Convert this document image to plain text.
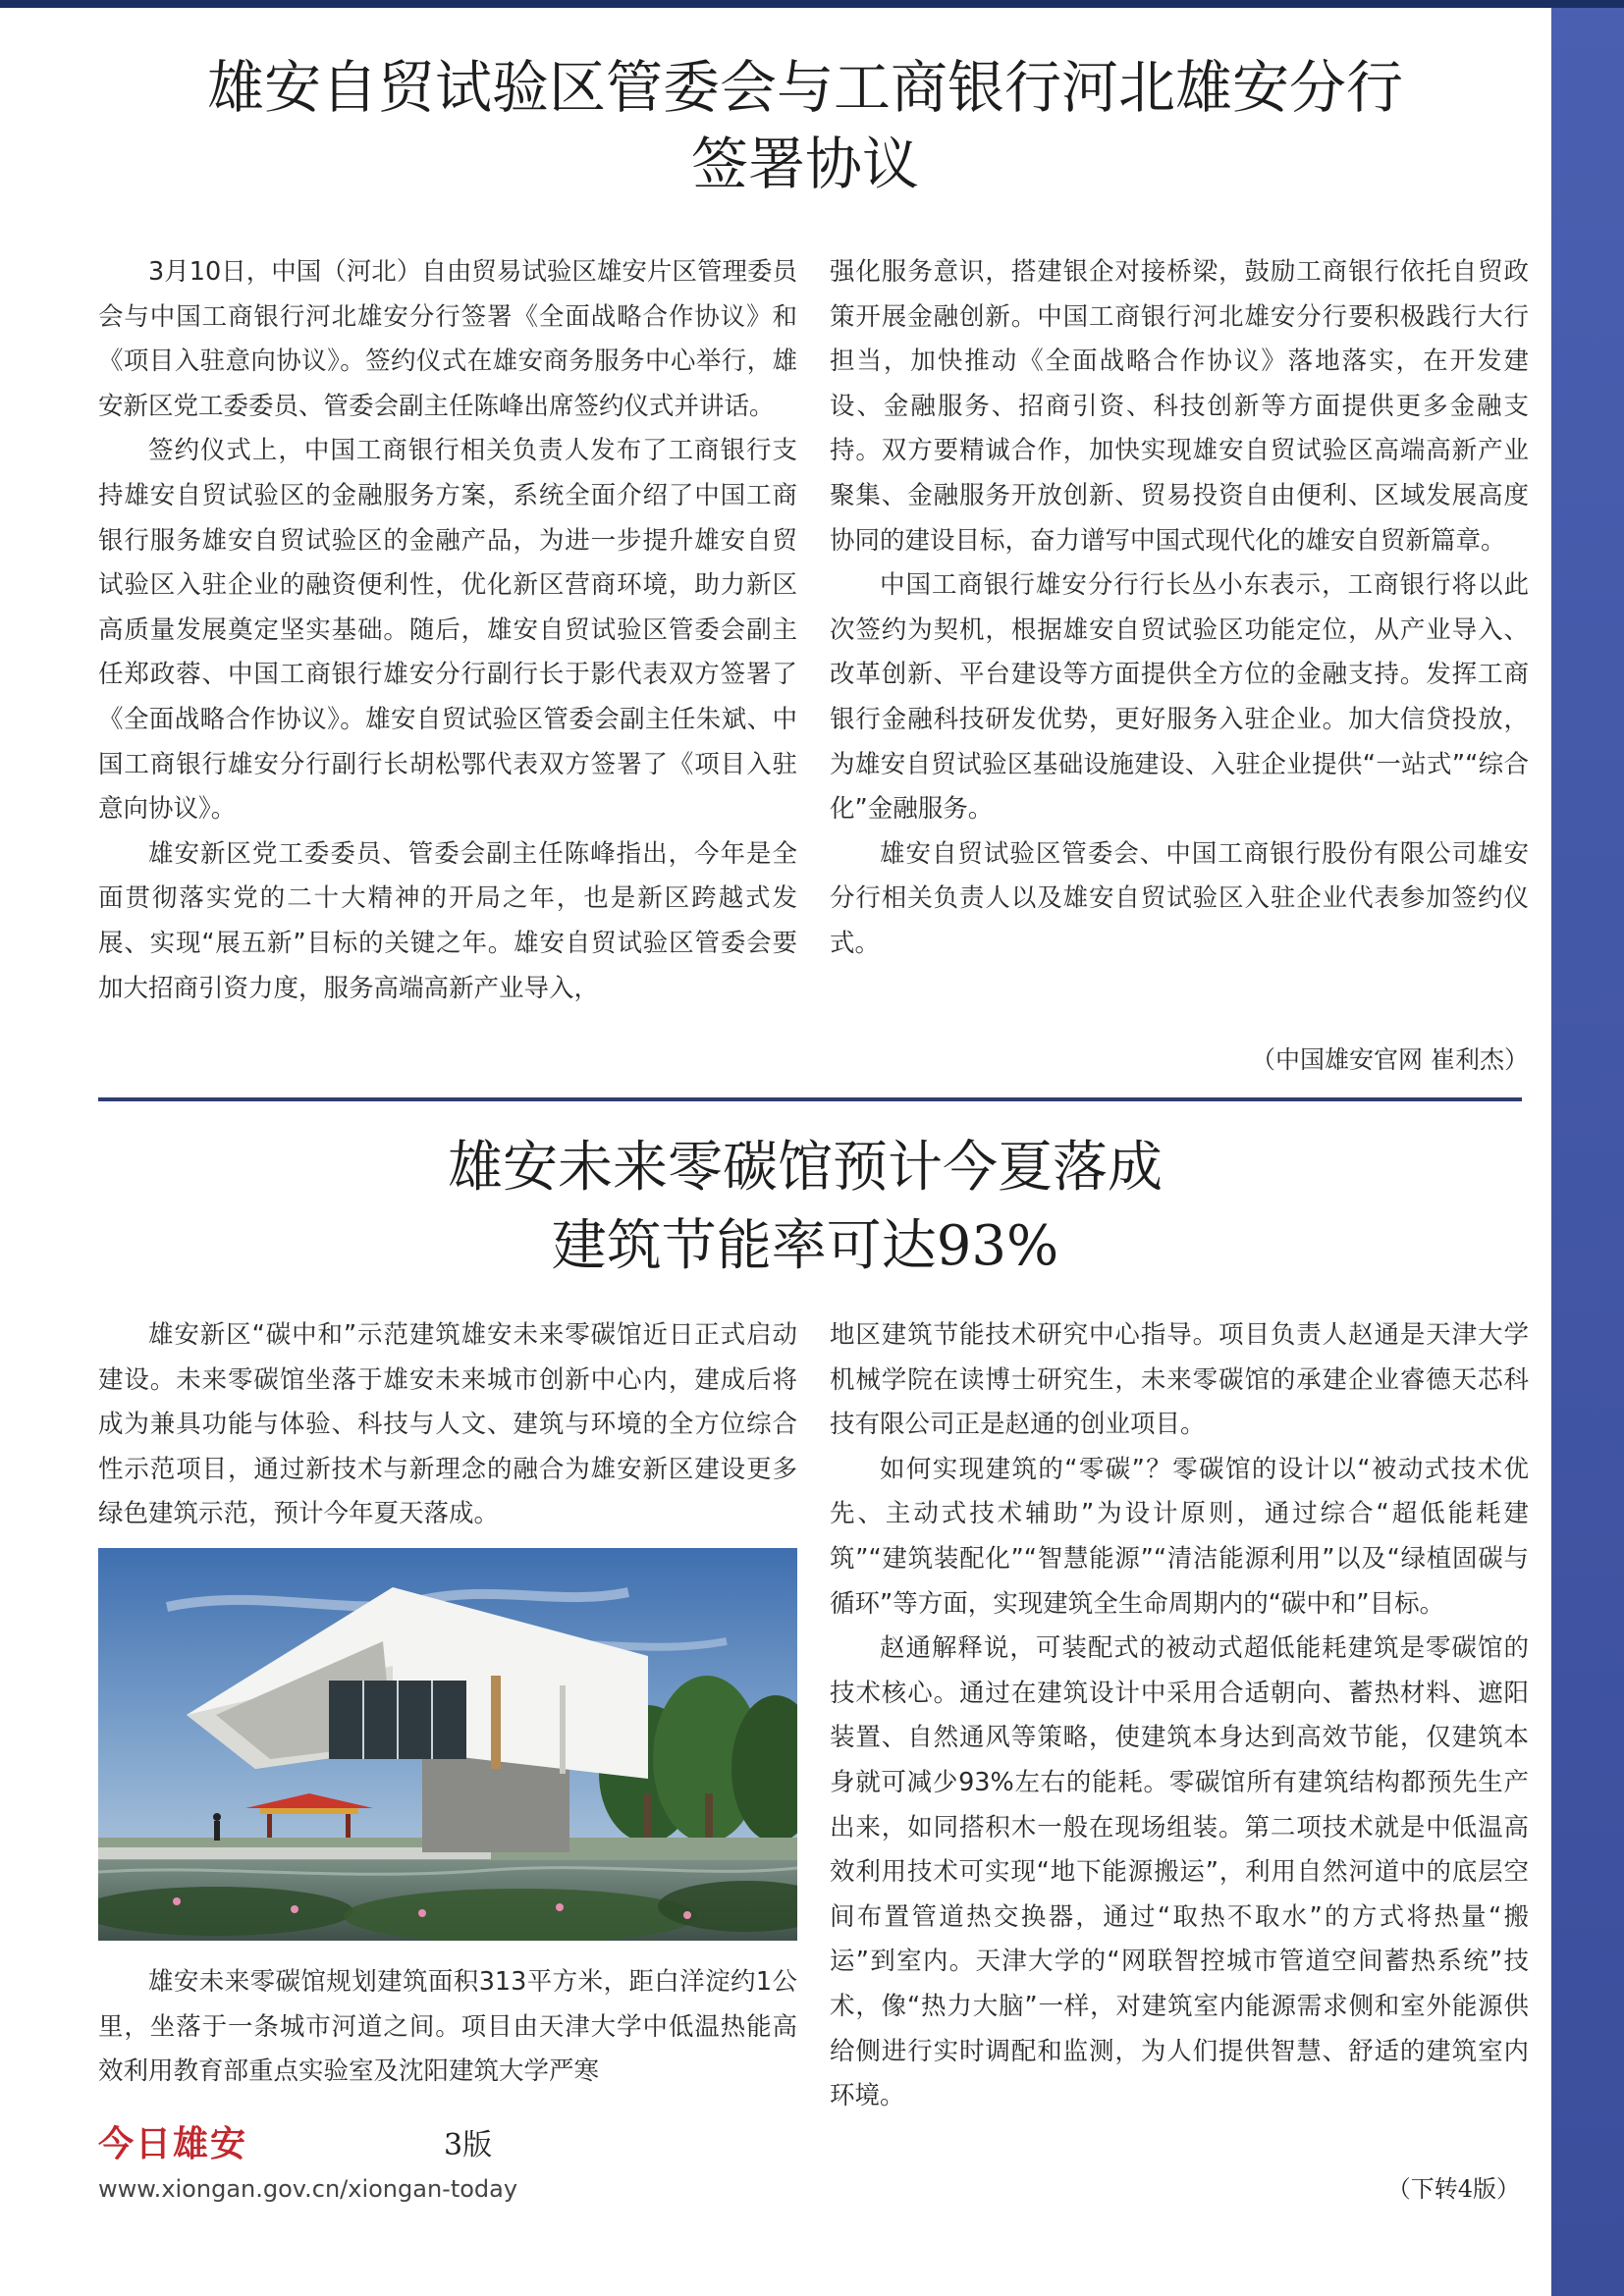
雄安自贸试验区管委会与工商银行河北雄安分行
签署协议

3月10日，中国（河北）自由贸易试验区雄安片区管理委员会与中国工商银行河北雄安分行签署《全面战略合作协议》和《项目入驻意向协议》。签约仪式在雄安商务服务中心举行，雄安新区党工委委员、管委会副主任陈峰出席签约仪式并讲话。

签约仪式上，中国工商银行相关负责人发布了工商银行支持雄安自贸试验区的金融服务方案，系统全面介绍了中国工商银行服务雄安自贸试验区的金融产品，为进一步提升雄安自贸试验区入驻企业的融资便利性，优化新区营商环境，助力新区高质量发展奠定坚实基础。随后，雄安自贸试验区管委会副主任郑政蓉、中国工商银行雄安分行副行长于影代表双方签署了《全面战略合作协议》。雄安自贸试验区管委会副主任朱斌、中国工商银行雄安分行副行长胡松鄂代表双方签署了《项目入驻意向协议》。

雄安新区党工委委员、管委会副主任陈峰指出，今年是全面贯彻落实党的二十大精神的开局之年，也是新区跨越式发展、实现“展五新”目标的关键之年。雄安自贸试验区管委会要加大招商引资力度，服务高端高新产业导入，

强化服务意识，搭建银企对接桥梁，鼓励工商银行依托自贸政策开展金融创新。中国工商银行河北雄安分行要积极践行大行担当，加快推动《全面战略合作协议》落地落实，在开发建设、金融服务、招商引资、科技创新等方面提供更多金融支持。双方要精诚合作，加快实现雄安自贸试验区高端高新产业聚集、金融服务开放创新、贸易投资自由便利、区域发展高度协同的建设目标，奋力谱写中国式现代化的雄安自贸新篇章。

中国工商银行雄安分行行长丛小东表示，工商银行将以此次签约为契机，根据雄安自贸试验区功能定位，从产业导入、改革创新、平台建设等方面提供全方位的金融支持。发挥工商银行金融科技研发优势，更好服务入驻企业。加大信贷投放，为雄安自贸试验区基础设施建设、入驻企业提供“一站式”“综合化”金融服务。

雄安自贸试验区管委会、中国工商银行股份有限公司雄安分行相关负责人以及雄安自贸试验区入驻企业代表参加签约仪式。

（中国雄安官网 崔利杰）
雄安未来零碳馆预计今夏落成
建筑节能率可达93%

雄安新区“碳中和”示范建筑雄安未来零碳馆近日正式启动建设。未来零碳馆坐落于雄安未来城市创新中心内，建成后将成为兼具功能与体验、科技与人文、建筑与环境的全方位综合性示范项目，通过新技术与新理念的融合为雄安新区建设更多绿色建筑示范，预计今年夏天落成。

雄安未来零碳馆规划建筑面积313平方米，距白洋淀约1公里，坐落于一条城市河道之间。项目由天津大学中低温热能高效利用教育部重点实验室及沈阳建筑大学严寒

地区建筑节能技术研究中心指导。项目负责人赵通是天津大学机械学院在读博士研究生，未来零碳馆的承建企业睿德天芯科技有限公司正是赵通的创业项目。

如何实现建筑的“零碳”？零碳馆的设计以“被动式技术优先、主动式技术辅助”为设计原则，通过综合“超低能耗建筑”“建筑装配化”“智慧能源”“清洁能源利用”以及“绿植固碳与循环”等方面，实现建筑全生命周期内的“碳中和”目标。

赵通解释说，可装配式的被动式超低能耗建筑是零碳馆的技术核心。通过在建筑设计中采用合适朝向、蓄热材料、遮阳装置、自然通风等策略，使建筑本身达到高效节能，仅建筑本身就可减少93%左右的能耗。零碳馆所有建筑结构都预先生产出来，如同搭积木一般在现场组装。第二项技术就是中低温高效利用技术可实现“地下能源搬运”，利用自然河道中的底层空间布置管道热交换器，通过“取热不取水”的方式将热量“搬运”到室内。天津大学的“网联智控城市管道空间蓄热系统”技术，像“热力大脑”一样，对建筑室内能源需求侧和室外能源供给侧进行实时调配和监测，为人们提供智慧、舒适的建筑室内环境。

今日雄安	3版
www.xiongan.gov.cn/xiongan-today	（下转4版）
